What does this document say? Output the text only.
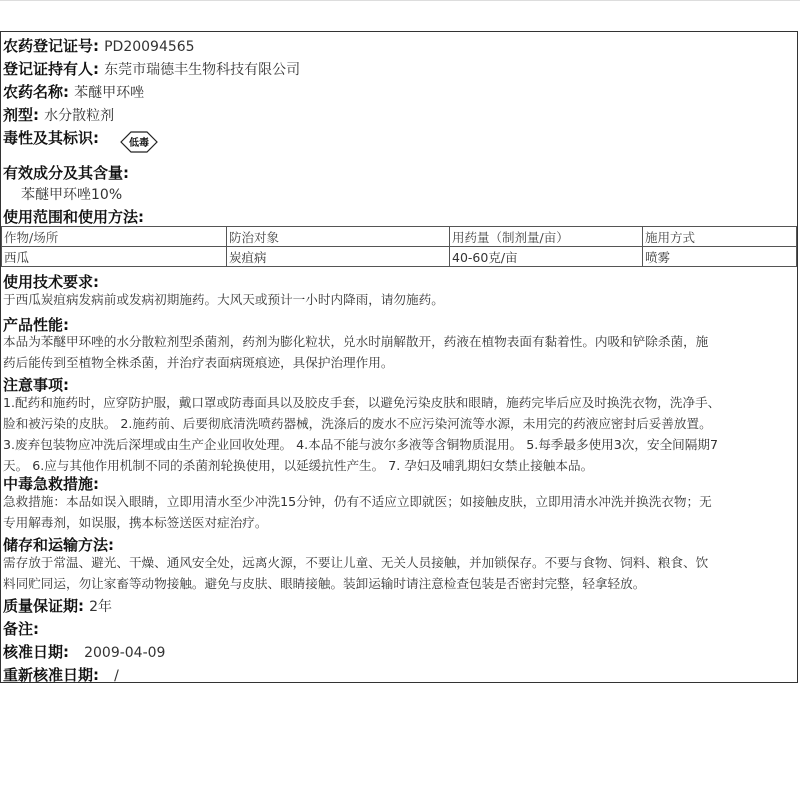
农药登记证号: PD20094565
登记证持有人: 东莞市瑞德丰生物科技有限公司
农药名称: 苯醚甲环唑
剂型: 水分散粒剂
毒性及其标识:	低毒
有效成分及其含量:
苯醚甲环唑10%
使用范围和使用方法:
作物/场所	防治对象	用药量（制剂量/亩）	施用方式
西瓜	炭疽病	40-60克/亩	喷雾
使用技术要求:
于西瓜炭疽病发病前或发病初期施药。大风天或预计一小时内降雨，请勿施药。
产品性能:
本品为苯醚甲环唑的水分散粒剂型杀菌剂，药剂为膨化粒状，兑水时崩解散开，药液在植物表面有黏着性。内吸和铲除杀菌，施
药后能传到至植物全株杀菌，并治疗表面病斑痕迹，具保护治理作用。
注意事项:
1.配药和施药时，应穿防护服，戴口罩或防毒面具以及胶皮手套，以避免污染皮肤和眼睛，施药完毕后应及时换洗衣物，洗净手、
脸和被污染的皮肤。 2.施药前、后要彻底清洗喷药器械，洗涤后的废水不应污染河流等水源，未用完的药液应密封后妥善放置。
3.废弃包装物应冲洗后深埋或由生产企业回收处理。 4.本品不能与波尔多液等含铜物质混用。 5.每季最多使用3次，安全间隔期7
天。 6.应与其他作用机制不同的杀菌剂轮换使用，以延缓抗性产生。 7. 孕妇及哺乳期妇女禁止接触本品。
中毒急救措施:
急救措施：本品如误入眼睛，立即用清水至少冲洗15分钟，仍有不适应立即就医；如接触皮肤，立即用清水冲洗并换洗衣物；无
专用解毒剂，如误服，携本标签送医对症治疗。
储存和运输方法:
需存放于常温、避光、干燥、通风安全处，远离火源，不要让儿童、无关人员接触，并加锁保存。不要与食物、饲料、粮食、饮
料同贮同运，勿让家畜等动物接触。避免与皮肤、眼睛接触。装卸运输时请注意检查包装是否密封完整，轻拿轻放。
质量保证期: 2年
备注:
核准日期: 2009-04-09
重新核准日期: /
